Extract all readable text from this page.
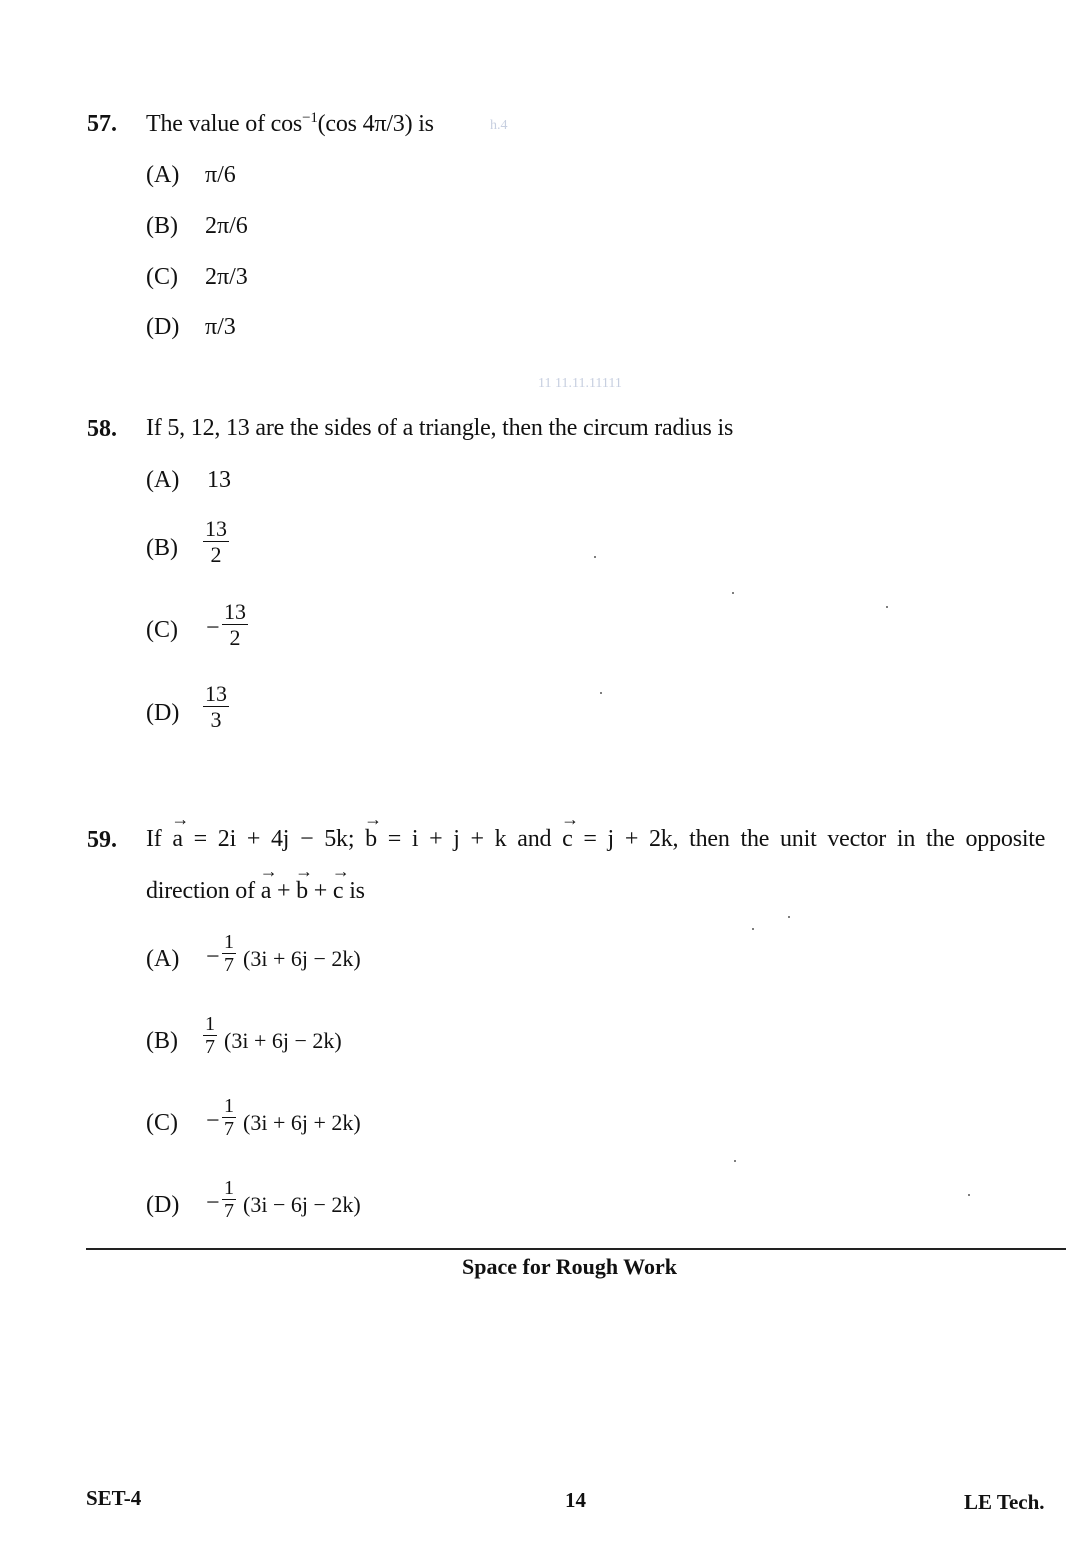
57. The value of $\cos^{-1}(\cos$ 4π/3) is	h.4
(A) π/6
(B) 2π/6
(C) 2π/3
(D) π/3
11 11.11.11111
58. If 5, 12, 13 are the sides of a triangle, then the circum radius is
(A) 13
$(B) \frac{13}{2}$
$(C) - \frac{13}{2}$
$(D) \frac{13}{3}$
59. If → a = 2i + 4j − 5k; → b = i + j + k and → c = j + 2k, then the unit vector in the opposite
direction of → a + → b + → c is
$(A) - \frac{1}{7} (3i + 6j - 2k)$
$(B) \frac{1}{7} (3i + 6j - 2k)$
$(C) - \frac{1}{7} (3i + 6j + 2k)$
$(D) - \frac{1}{7} (3i - 6j - 2k)$
Space for Rough Work
SET-4	14	LE Tech.
